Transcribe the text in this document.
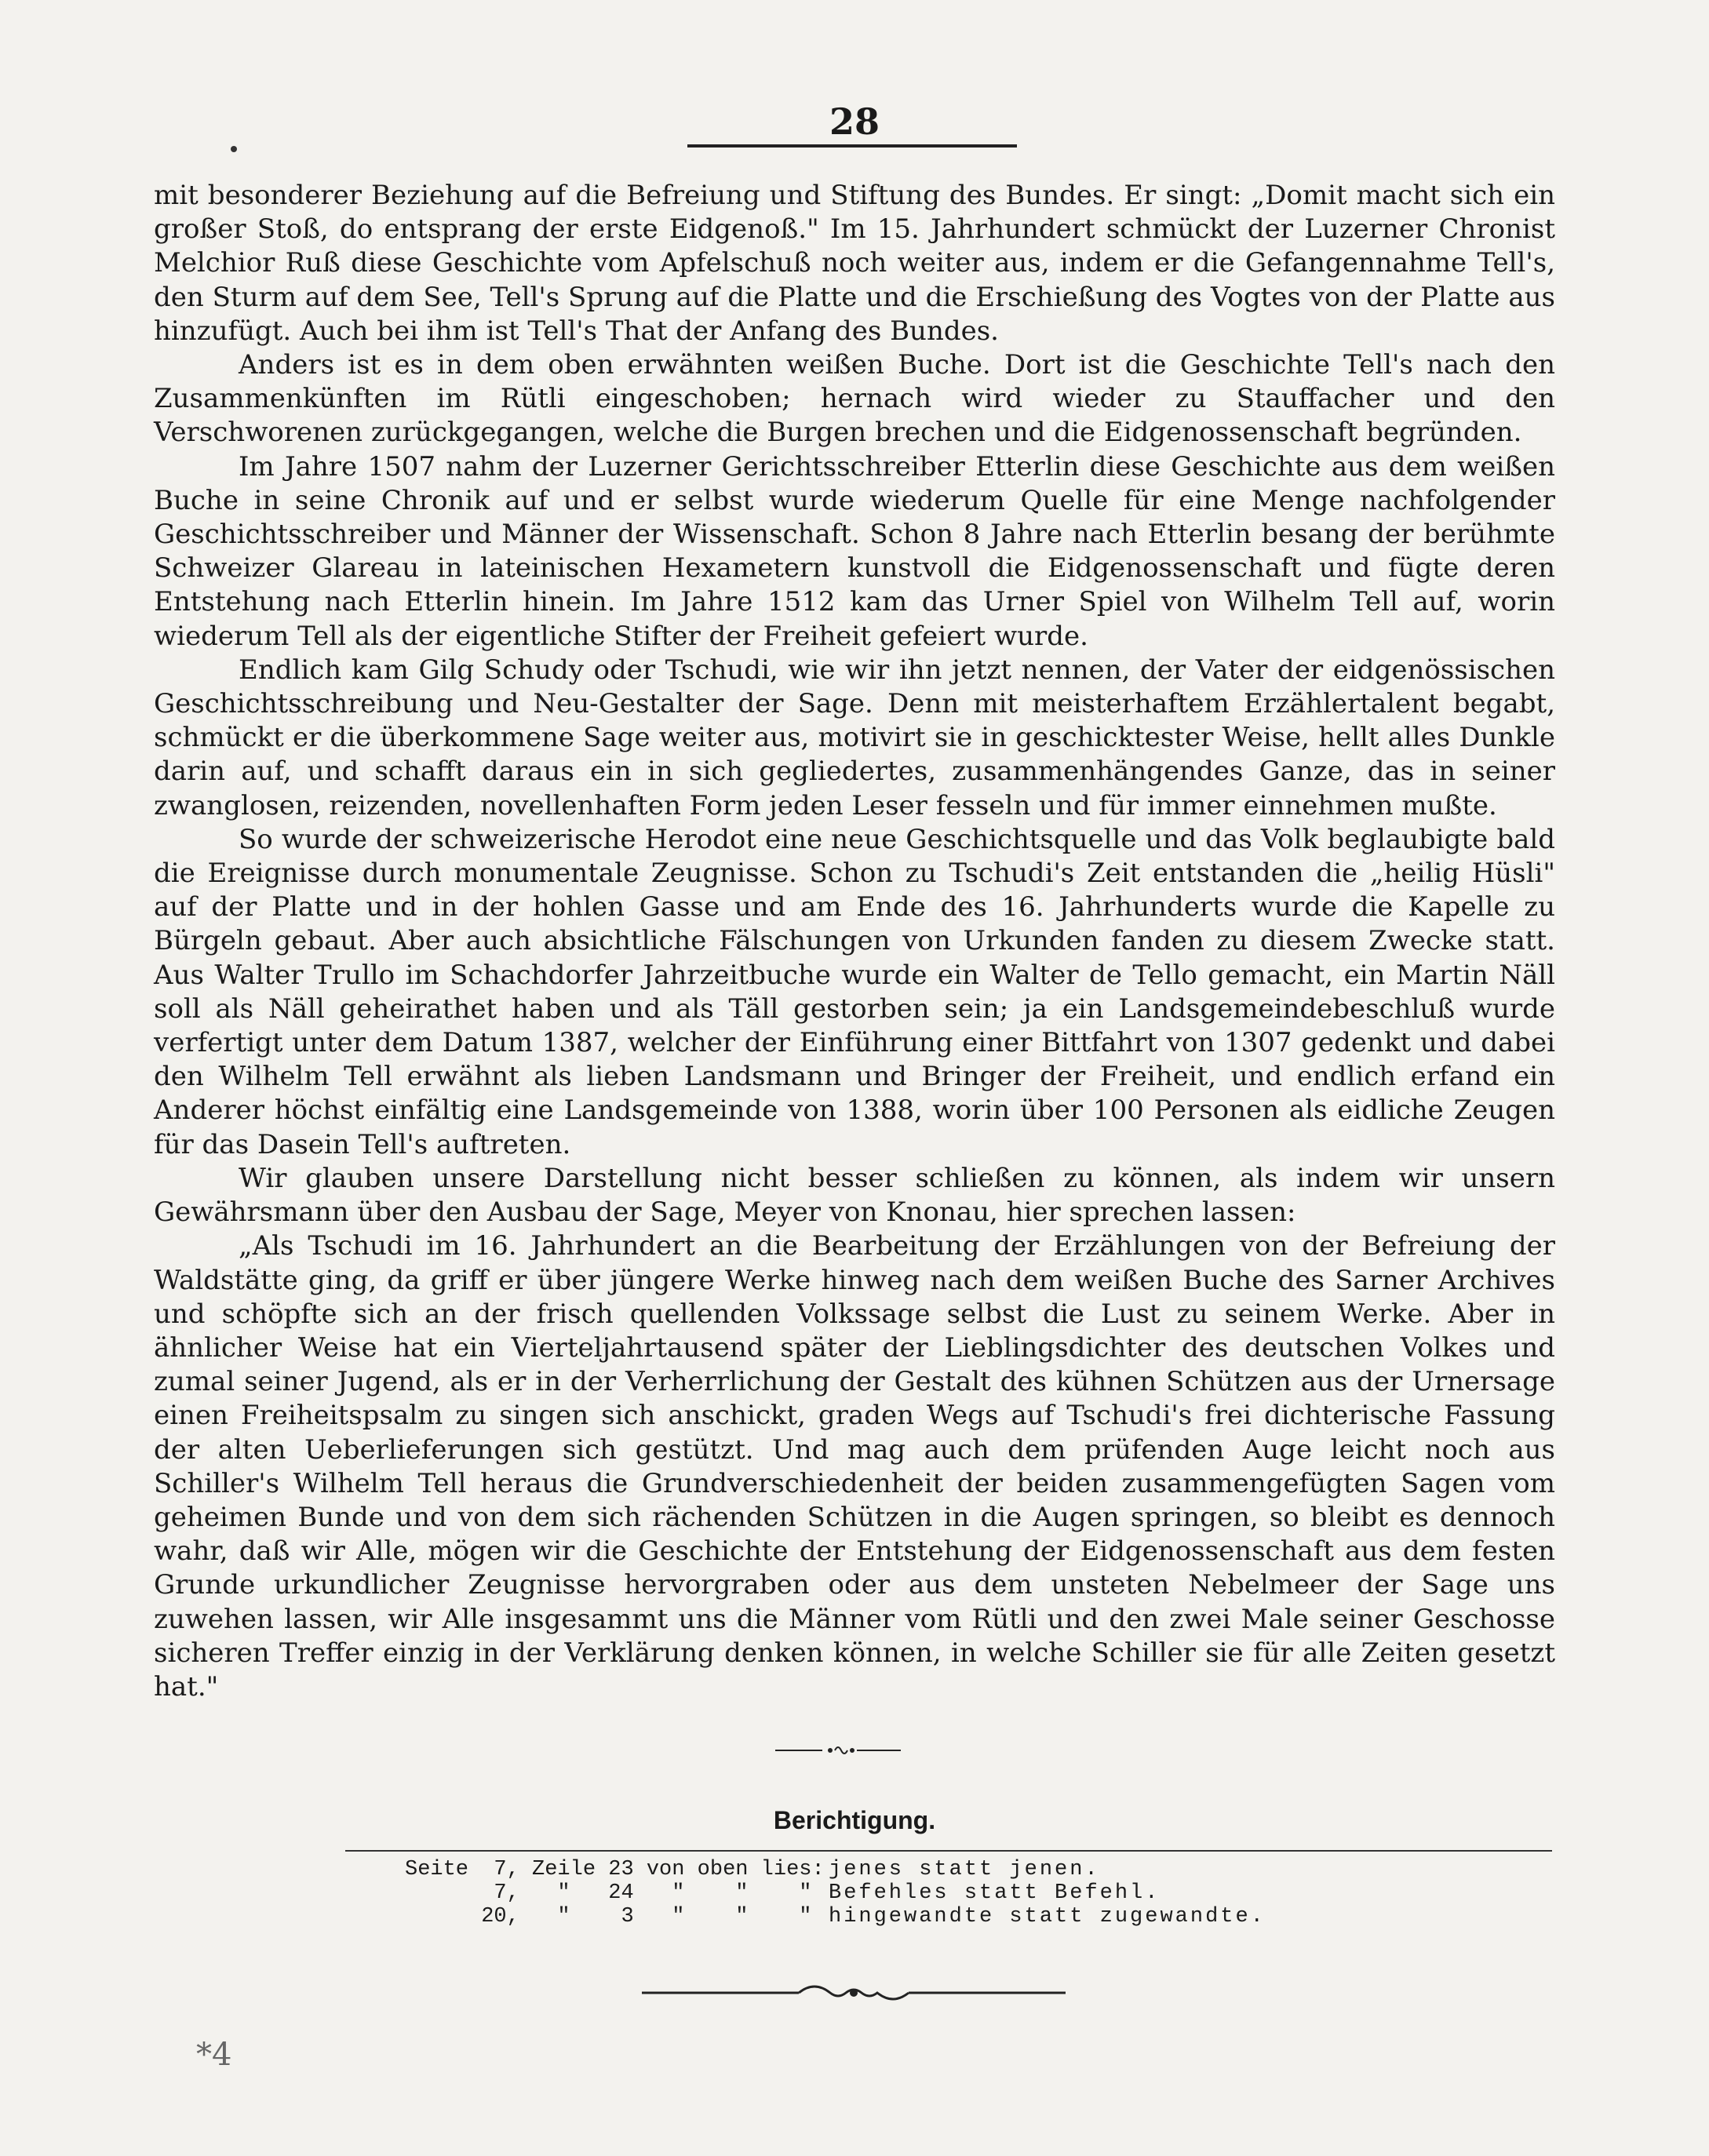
28

mit besonderer Beziehung auf die Befreiung und Stiftung des Bundes. Er singt: „Domit macht sich ein großer Stoß, do entsprang der erste Eidgenoß." Im 15. Jahrhundert schmückt der Luzerner Chronist Melchior Ruß diese Geschichte vom Apfelschuß noch weiter aus, indem er die Gefangennahme Tell's, den Sturm auf dem See, Tell's Sprung auf die Platte und die Erschießung des Vogtes von der Platte aus hinzufügt. Auch bei ihm ist Tell's That der Anfang des Bundes.

Anders ist es in dem oben erwähnten weißen Buche. Dort ist die Geschichte Tell's nach den Zusammenkünften im Rütli eingeschoben; hernach wird wieder zu Stauffacher und den Verschworenen zurückgegangen, welche die Burgen brechen und die Eidgenossenschaft begründen.

Im Jahre 1507 nahm der Luzerner Gerichtsschreiber Etterlin diese Geschichte aus dem weißen Buche in seine Chronik auf und er selbst wurde wiederum Quelle für eine Menge nachfolgender Geschichtsschreiber und Männer der Wissenschaft. Schon 8 Jahre nach Etterlin besang der berühmte Schweizer Glareau in lateinischen Hexametern kunstvoll die Eidgenossenschaft und fügte deren Entstehung nach Etterlin hinein. Im Jahre 1512 kam das Urner Spiel von Wilhelm Tell auf, worin wiederum Tell als der eigentliche Stifter der Freiheit gefeiert wurde.

Endlich kam Gilg Schudy oder Tschudi, wie wir ihn jetzt nennen, der Vater der eidgenössischen Geschichtsschreibung und Neu-Gestalter der Sage. Denn mit meisterhaftem Erzählertalent begabt, schmückt er die überkommene Sage weiter aus, motivirt sie in geschicktester Weise, hellt alles Dunkle darin auf, und schafft daraus ein in sich gegliedertes, zusammenhängendes Ganze, das in seiner zwanglosen, reizenden, novellenhaften Form jeden Leser fesseln und für immer einnehmen mußte.

So wurde der schweizerische Herodot eine neue Geschichtsquelle und das Volk beglaubigte bald die Ereignisse durch monumentale Zeugnisse. Schon zu Tschudi's Zeit entstanden die „heilig Hüsli" auf der Platte und in der hohlen Gasse und am Ende des 16. Jahrhunderts wurde die Kapelle zu Bürgeln gebaut. Aber auch absichtliche Fälschungen von Urkunden fanden zu diesem Zwecke statt. Aus Walter Trullo im Schachdorfer Jahrzeitbuche wurde ein Walter de Tello gemacht, ein Martin Näll soll als Näll geheirathet haben und als Täll gestorben sein; ja ein Landsgemeindebeschluß wurde verfertigt unter dem Datum 1387, welcher der Einführung einer Bittfahrt von 1307 gedenkt und dabei den Wilhelm Tell erwähnt als lieben Landsmann und Bringer der Freiheit, und endlich erfand ein Anderer höchst einfältig eine Landsgemeinde von 1388, worin über 100 Personen als eidliche Zeugen für das Dasein Tell's auftreten.

Wir glauben unsere Darstellung nicht besser schließen zu können, als indem wir unsern Gewährsmann über den Ausbau der Sage, Meyer von Knonau, hier sprechen lassen:

„Als Tschudi im 16. Jahrhundert an die Bearbeitung der Erzählungen von der Befreiung der Waldstätte ging, da griff er über jüngere Werke hinweg nach dem weißen Buche des Sarner Archives und schöpfte sich an der frisch quellenden Volkssage selbst die Lust zu seinem Werke. Aber in ähnlicher Weise hat ein Vierteljahrtausend später der Lieblingsdichter des deutschen Volkes und zumal seiner Jugend, als er in der Verherrlichung der Gestalt des kühnen Schützen aus der Urnersage einen Freiheitspsalm zu singen sich anschickt, graden Wegs auf Tschudi's frei dichterische Fassung der alten Ueberlieferungen sich gestützt. Und mag auch dem prüfenden Auge leicht noch aus Schiller's Wilhelm Tell heraus die Grundverschiedenheit der beiden zusammengefügten Sagen vom geheimen Bunde und von dem sich rächenden Schützen in die Augen springen, so bleibt es dennoch wahr, daß wir Alle, mögen wir die Geschichte der Entstehung der Eidgenossenschaft aus dem festen Grunde urkundlicher Zeugnisse hervorgraben oder aus dem unsteten Nebelmeer der Sage uns zuwehen lassen, wir Alle insgesammt uns die Männer vom Rütli und den zwei Male seiner Geschosse sicheren Treffer einzig in der Verklärung denken können, in welche Schiller sie für alle Zeiten gesetzt hat."

Berichtigung.
Seite  7, Zeile 23 von oben lies:	jenes statt jenen.
7,   "   24   "    "    "	Befehles statt Befehl.
20,   "    3   "    "    "	hingewandte statt zugewandte.
*4
